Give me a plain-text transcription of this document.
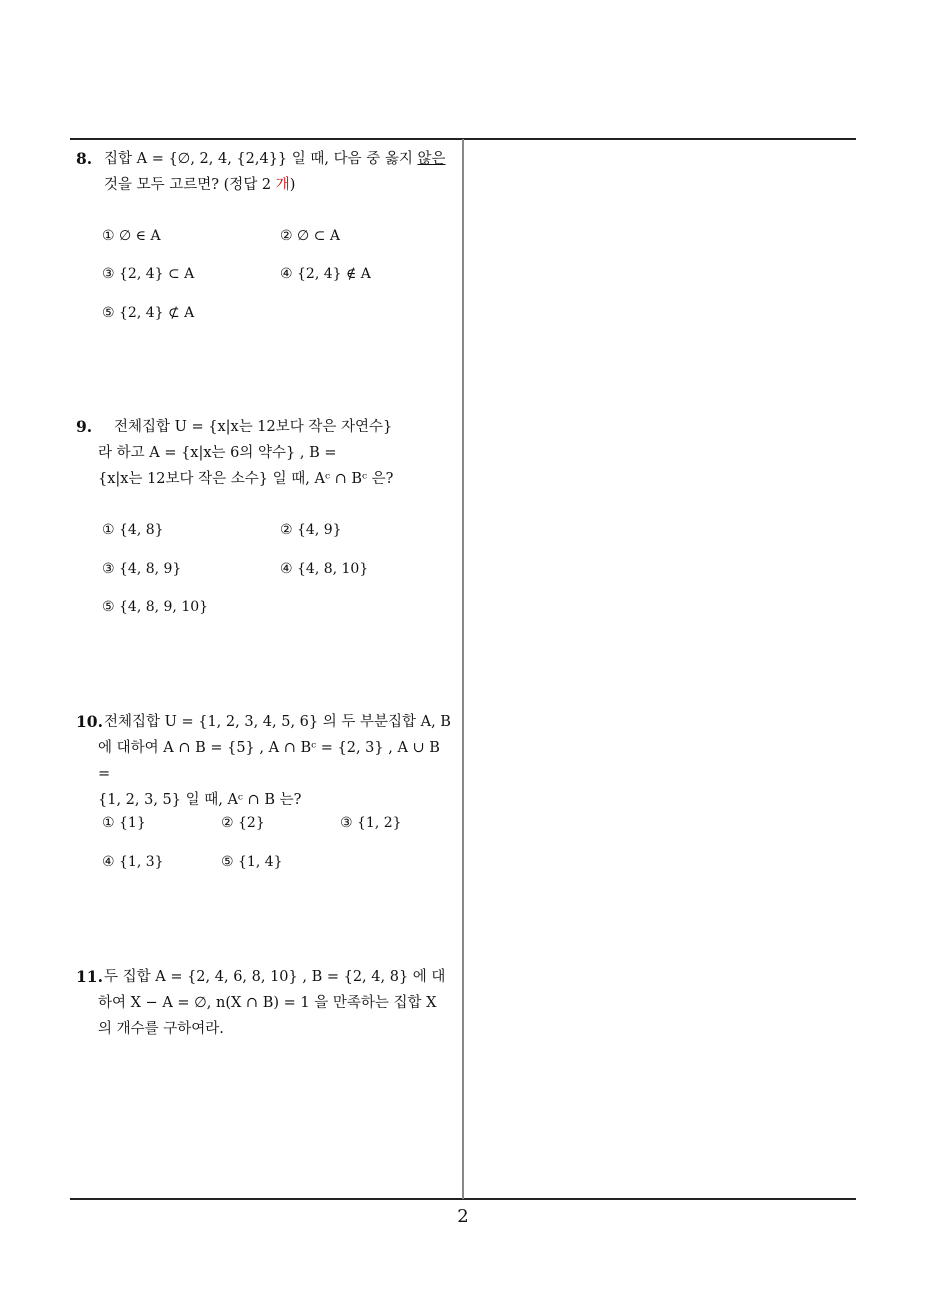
8. 집합 A = {∅, 2, 4, {2,4}} 일 때, 다음 중 옳지 않은
것을 모두 고르면? (정답 2 개)
① ∅ ∈ A	② ∅ ⊂ A
③ {2, 4} ⊂ A	④ {2, 4} ∉ A
⑤ {2, 4} ⊄ A
9. 전체집합 U = {x|x는 12보다 작은 자연수}
라 하고 A = {x|x는 6의 약수} , B =
{x|x는 12보다 작은 소수} 일 때, Aᶜ ∩ Bᶜ 은?
① {4, 8}	② {4, 9}
③ {4, 8, 9}	④ {4, 8, 10}
⑤ {4, 8, 9, 10}
10. 전체집합 U = {1, 2, 3, 4, 5, 6} 의 두 부분집합 A, B
에 대하여 A ∩ B = {5} , A ∩ Bᶜ = {2, 3} , A ∪ B =
{1, 2, 3, 5} 일 때, Aᶜ ∩ B 는?
① {1}	② {2}	③ {1, 2}
④ {1, 3}	⑤ {1, 4}
11. 두 집합 A = {2, 4, 6, 8, 10} , B = {2, 4, 8} 에 대
하여 X − A = ∅, n(X ∩ B) = 1 을 만족하는 집합 X
의 개수를 구하여라.
2
